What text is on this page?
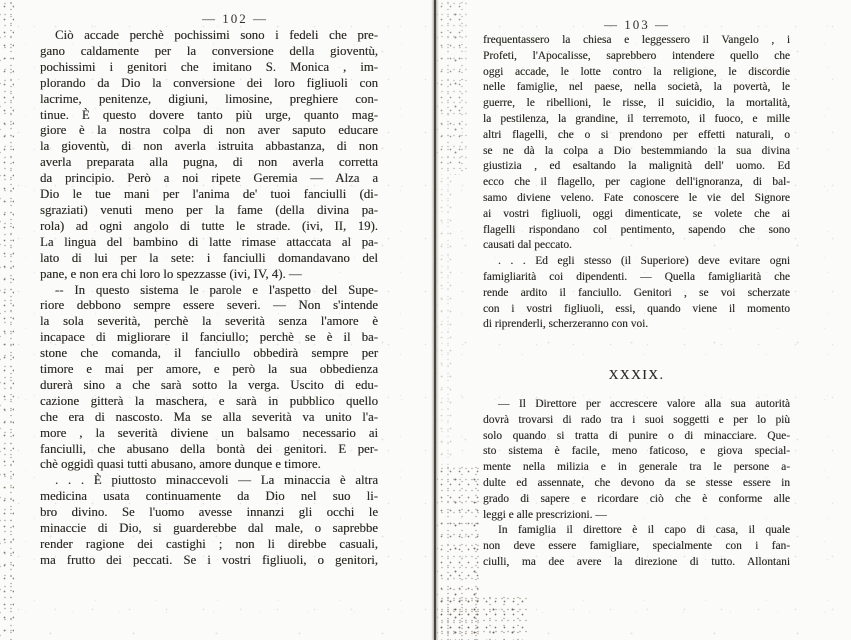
— 102 —	— 103 —
Ciò accade perchè pochissimi sono i fedeli che pre-
gano caldamente per la conversione della gioventù,
pochissimi i genitori che imitano S. Monica , im-
plorando da Dio la conversione dei loro figliuoli con
lacrime, penitenze, digiuni, limosine, preghiere con-
tinue. È questo dovere tanto più urge, quanto mag-
giore è la nostra colpa di non aver saputo educare
la gioventù, di non averla istruita abbastanza, di non
averla preparata alla pugna, di non averla corretta
da principio. Però a noi ripete Geremia — Alza a
Dio le tue mani per l'anima de' tuoi fanciulli (di-
sgraziati) venuti meno per la fame (della divina pa-
rola) ad ogni angolo di tutte le strade. (ivi, II, 19).
La lingua del bambino di latte rimase attaccata al pa-
lato di lui per la sete: i fanciulli domandavano del
pane, e non era chi loro lo spezzasse (ivi, IV, 4). —
-- In questo sistema le parole e l'aspetto del Supe-
riore debbono sempre essere severi. — Non s'intende
la sola severità, perchè la severità senza l'amore è
incapace di migliorare il fanciullo; perchè se è il ba-
stone che comanda, il fanciullo obbedirà sempre per
timore e mai per amore, e però la sua obbedienza
durerà sino a che sarà sotto la verga. Uscito di edu-
cazione gitterà la maschera, e sarà in pubblico quello
che era di nascosto. Ma se alla severità va unito l'a-
more , la severità diviene un balsamo necessario ai
fanciulli, che abusano della bontà dei genitori. E per-
chè oggidì quasi tutti abusano, amore dunque e timore.
. . . È piuttosto minaccevoli — La minaccia è altra
medicina usata continuamente da Dio nel suo li-
bro divino. Se l'uomo avesse innanzi gli occhi le
minaccie di Dio, si guarderebbe dal male, o saprebbe
render ragione dei castighi ; non li direbbe casuali,
ma frutto dei peccati. Se i vostri figliuoli, o genitori,
frequentassero la chiesa e leggessero il Vangelo , i
Profeti, l'Apocalisse, saprebbero intendere quello che
oggi accade, le lotte contro la religione, le discordie
nelle famiglie, nel paese, nella società, la povertà, le
guerre, le ribellioni, le risse, il suicidio, la mortalità,
la pestilenza, la grandine, il terremoto, il fuoco, e mille
altri flagelli, che o si prendono per effetti naturali, o
se ne dà la colpa a Dio bestemmiando la sua divina
giustizia , ed esaltando la malignità dell' uomo. Ed
ecco che il flagello, per cagione dell'ignoranza, di bal-
samo diviene veleno. Fate conoscere le vie del Signore
ai vostri figliuoli, oggi dimenticate, se volete che ai
flagelli rispondano col pentimento, sapendo che sono
causati dal peccato.
. . . Ed egli stesso (il Superiore) deve evitare ogni
famigliarità coi dipendenti. — Quella famigliarità che
rende ardito il fanciullo. Genitori , se voi scherzate
con i vostri figliuoli, essi, quando viene il momento
di riprenderli, scherzeranno con voi.
XXXIX.
— Il Direttore per accrescere valore alla sua autorità
dovrà trovarsi di rado tra i suoi soggetti e per lo più
solo quando si tratta di punire o di minacciare. Que-
sto sistema è facile, meno faticoso, e giova special-
mente nella milizia e in generale tra le persone a-
dulte ed assennate, che devono da se stesse essere in
grado di sapere e ricordare ciò che è conforme alle
leggi e alle prescrizioni. —
In famiglia il direttore è il capo di casa, il quale
non deve essere famigliare, specialmente con i fan-
ciulli, ma dee avere la direzione di tutto. Allontani
